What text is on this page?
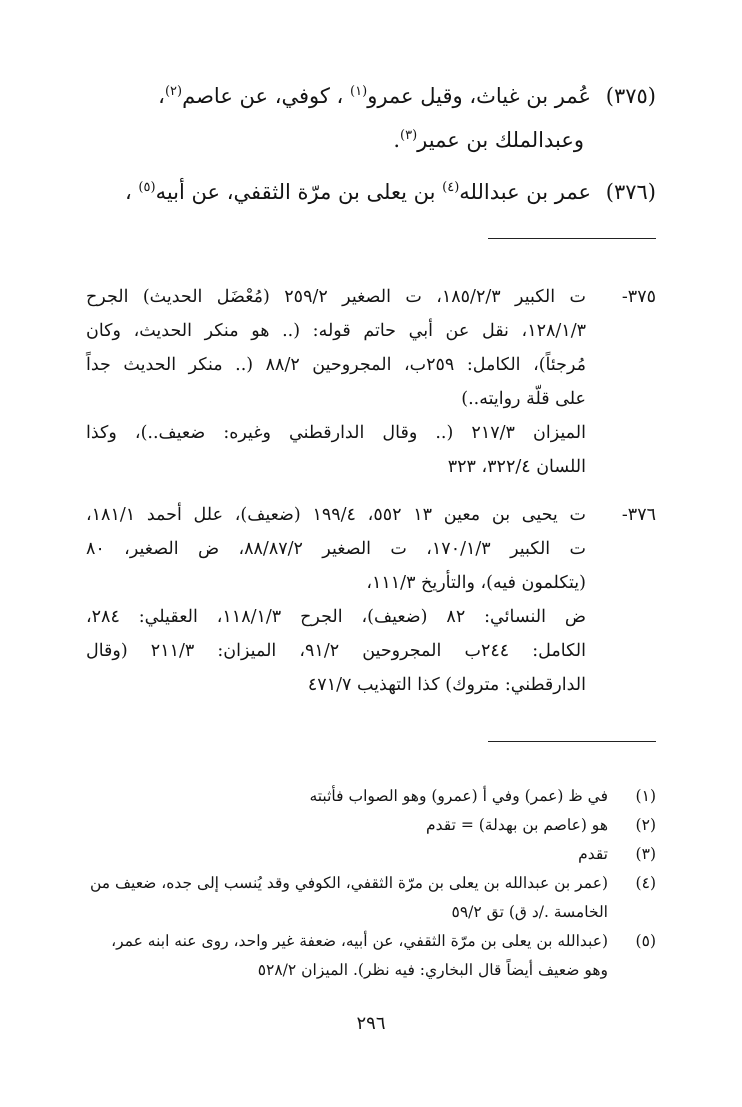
(٣٧٥) عُمر بن غياث، وقيل عمرو$^{(١)}$ ، كوفي، عن عاصم$^{(٢)}$،
وعبدالملك بن عمير$^{(٣)}$.

(٣٧٦) عمر بن عبدالله$^{(٤)}$ بن يعلى بن مرّة الثقفي، عن أبيه$^{(٥)}$ ،

٣٧٥-
ت الكبير ١٨٥/٢/٣، ت الصغير ٢٥٩/٢ (مُعْضَل الحديث) الجرح
١٢٨/١/٣، نقل عن أبي حاتم قوله: (.. هو منكر الحديث، وكان
مُرجئاً)، الكامل: ٢٥٩ب، المجروحين ٨٨/٢ (.. منكر الحديث جداً
على قلّة روايته..)
الميزان ٢١٧/٣ (.. وقال الدارقطني وغيره: ضعيف..)، وكذا
اللسان ٣٢٢/٤، ٣٢٣
٣٧٦-
ت يحيى بن معين ١٣ ٥٥٢، ١٩٩/٤ (ضعيف)، علل أحمد ١٨١/١،
ت الكبير ١٧٠/١/٣، ت الصغير ٨٨/٨٧/٢، ض الصغير، ٨٠
(يتكلمون فيه)، والتأريخ ١١١/٣،
ض النسائي: ٨٢ (ضعيف)، الجرح ١١٨/١/٣، العقيلي: ٢٨٤،
الكامل: ٢٤٤ب المجروحين ٩١/٢، الميزان: ٢١١/٣ (وقال
الدارقطني: متروك) كذا التهذيب ٤٧١/٧
(١)
في ظ (عمر) وفي أ (عمرو) وهو الصواب فأثبته
(٢)
هو (عاصم بن بهدلة) = تقدم
(٣)
تقدم
(٤)
(عمر بن عبدالله بن يعلى بن مرّة الثقفي، الكوفي وقد يُنسب إلى جده، ضعيف من
الخامسة ./د ق) تق ٥٩/٢
(٥)
(عبدالله بن يعلى بن مرّة الثقفي، عن أبيه، ضعفة غير واحد، روى عنه ابنه عمر،
وهو ضعيف أيضاً قال البخاري: فيه نظر). الميزان ٥٢٨/٢
٢٩٦
